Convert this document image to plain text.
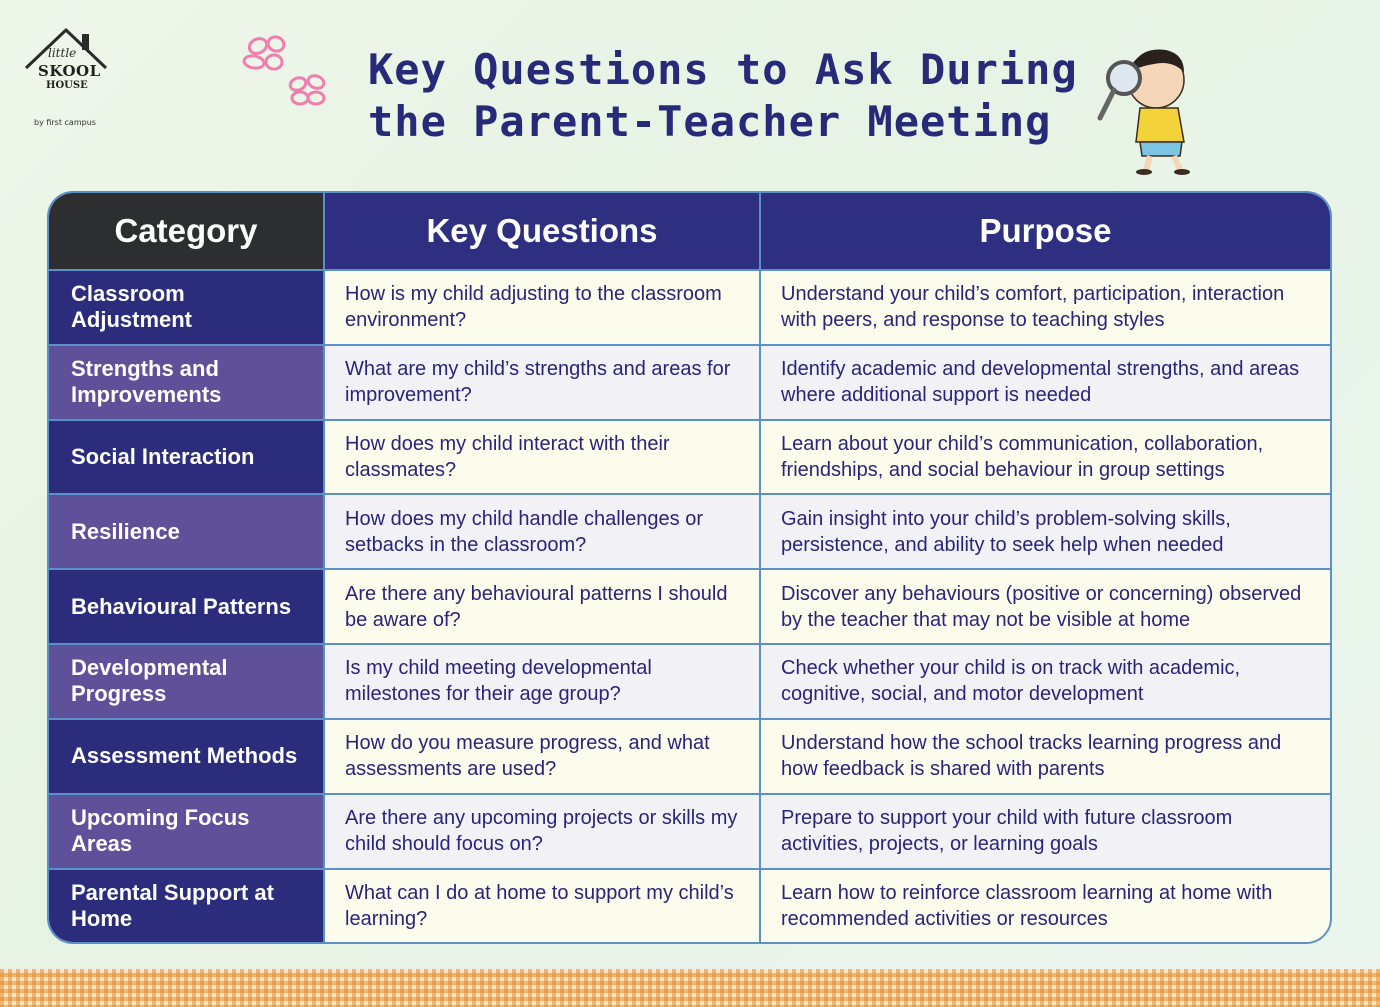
little
SKOOL
HOUSE
by first campus
Key Questions to Ask During
the Parent-Teacher Meeting
Category	Key Questions	Purpose
Classroom Adjustment	How is my child adjusting to the classroom environment?	Understand your child’s comfort, participation, interaction with peers, and response to teaching styles
Strengths and Improvements	What are my child’s strengths and areas for improvement?	Identify academic and developmental strengths, and areas where additional support is needed
Social Interaction	How does my child interact with their classmates?	Learn about your child’s communication, collaboration, friendships, and social behaviour in group settings
Resilience	How does my child handle challenges or setbacks in the classroom?	Gain insight into your child’s problem-solving skills, persistence, and ability to seek help when needed
Behavioural Patterns	Are there any behavioural patterns I should be aware of?	Discover any behaviours (positive or concerning) observed by the teacher that may not be visible at home
Developmental Progress	Is my child meeting developmental milestones for their age group?	Check whether your child is on track with academic, cognitive, social, and motor development
Assessment Methods	How do you measure progress, and what assessments are used?	Understand how the school tracks learning progress and how feedback is shared with parents
Upcoming Focus Areas	Are there any upcoming projects or skills my child should focus on?	Prepare to support your child with future classroom activities, projects, or learning goals
Parental Support at Home	What can I do at home to support my child’s learning?	Learn how to reinforce classroom learning at home with recommended activities or resources
